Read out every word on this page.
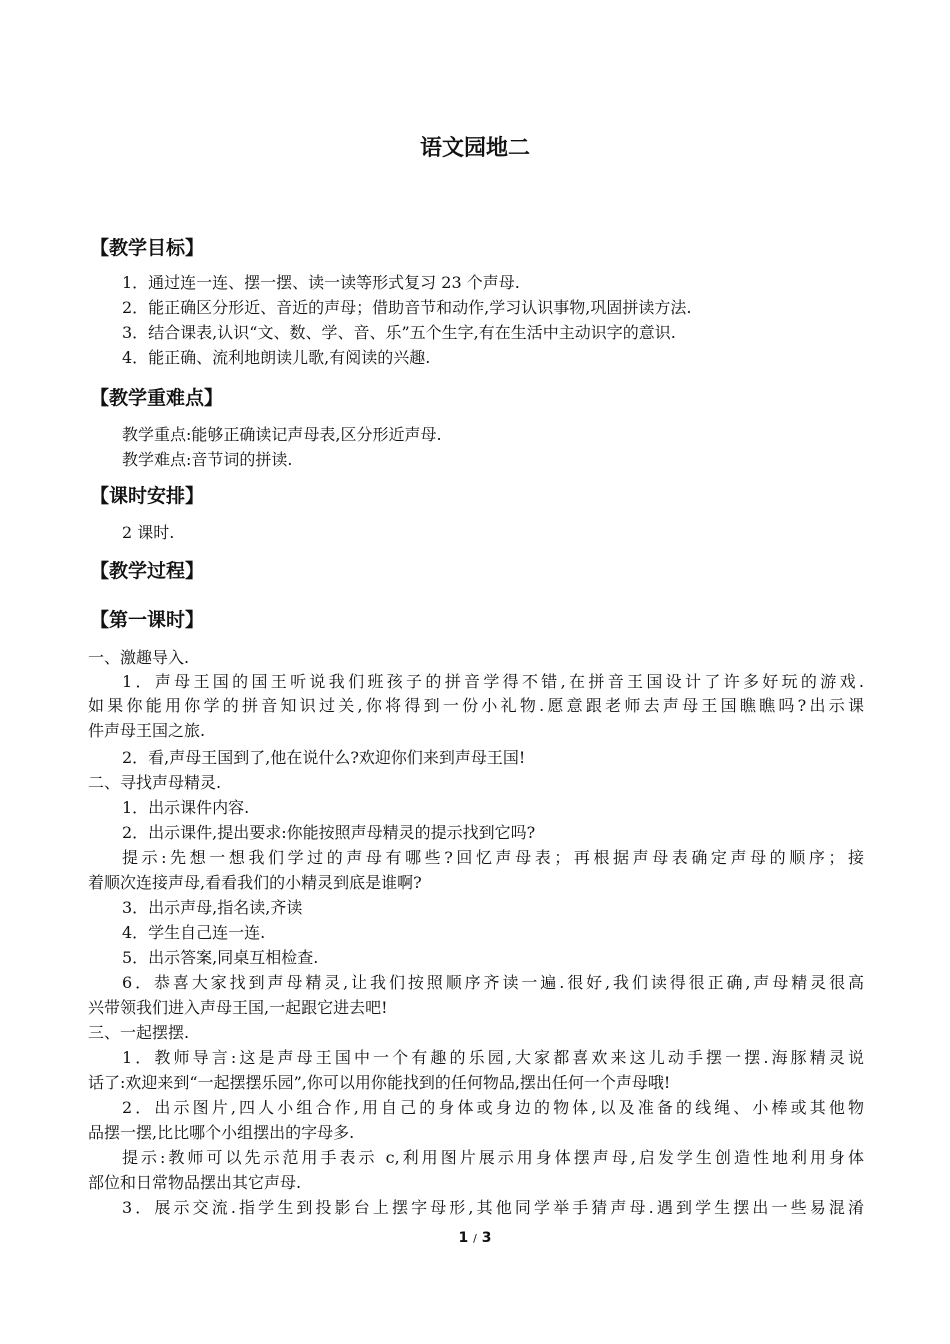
语文园地二
【教学目标】
1．通过连一连、摆一摆、读一读等形式复习 23 个声母.
2．能正确区分形近、音近的声母；借助音节和动作,学习认识事物,巩固拼读方法.
3．结合课表,认识“文、数、学、音、乐”五个生字,有在生活中主动识字的意识.
4．能正确、流利地朗读儿歌,有阅读的兴趣.
【教学重难点】
教学重点:能够正确读记声母表,区分形近声母.
教学难点:音节词的拼读.
【课时安排】
2 课时.
【教学过程】
【第一课时】
一、激趣导入.
1．声母王国的国王听说我们班孩子的拼音学得不错,在拼音王国设计了许多好玩的游戏.
如果你能用你学的拼音知识过关,你将得到一份小礼物.愿意跟老师去声母王国瞧瞧吗?出示课
件声母王国之旅.
2．看,声母王国到了,他在说什么?欢迎你们来到声母王国!
二、寻找声母精灵.
1．出示课件内容.
2．出示课件,提出要求:你能按照声母精灵的提示找到它吗?
提示:先想一想我们学过的声母有哪些?回忆声母表；再根据声母表确定声母的顺序；接
着顺次连接声母,看看我们的小精灵到底是谁啊?
3．出示声母,指名读,齐读
4．学生自己连一连.
5．出示答案,同桌互相检查.
6．恭喜大家找到声母精灵,让我们按照顺序齐读一遍.很好,我们读得很正确,声母精灵很高
兴带领我们进入声母王国,一起跟它进去吧!
三、一起摆摆.
1．教师导言:这是声母王国中一个有趣的乐园,大家都喜欢来这儿动手摆一摆.海豚精灵说
话了:欢迎来到“一起摆摆乐园”,你可以用你能找到的任何物品,摆出任何一个声母哦!
2．出示图片,四人小组合作,用自己的身体或身边的物体,以及准备的线绳、小棒或其他物
品摆一摆,比比哪个小组摆出的字母多.
提示:教师可以先示范用手表示 c,利用图片展示用身体摆声母,启发学生创造性地利用身体
部位和日常物品摆出其它声母.
3．展示交流.指学生到投影台上摆字母形,其他同学举手猜声母.遇到学生摆出一些易混淆
1 / 3
